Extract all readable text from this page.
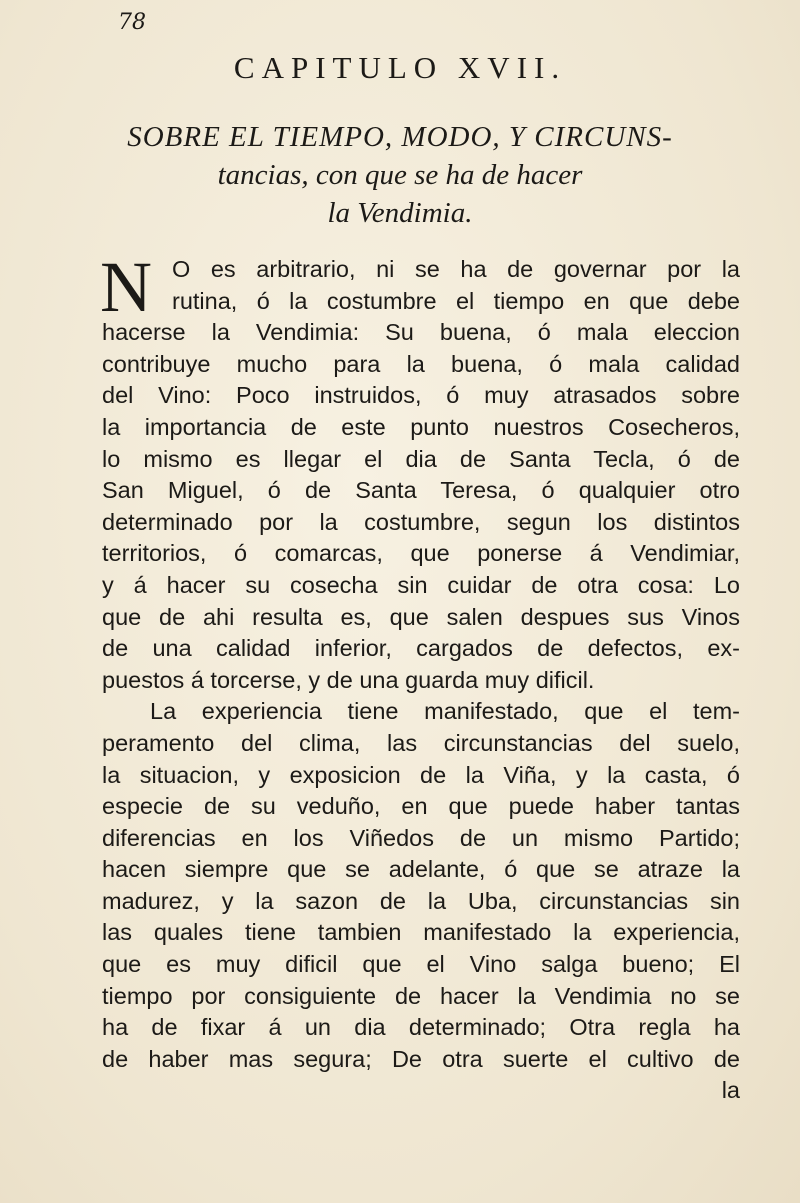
78
CAPITULO XVII.
SOBRE EL TIEMPO, MODO, Y CIRCUNS-
tancias, con que se ha de hacer
la Vendimia.
N O es arbitrario, ni se ha de governar por la
rutina, ó la costumbre el tiempo en que debe
hacerse la Vendimia: Su buena, ó mala eleccion
contribuye mucho para la buena, ó mala calidad
del Vino: Poco instruidos, ó muy atrasados sobre
la importancia de este punto nuestros Cosecheros,
lo mismo es llegar el dia de Santa Tecla, ó de
San Miguel, ó de Santa Teresa, ó qualquier otro
determinado por la costumbre, segun los distintos
territorios, ó comarcas, que ponerse á Vendimiar,
y á hacer su cosecha sin cuidar de otra cosa: Lo
que de ahi resulta es, que salen despues sus Vinos
de una calidad inferior, cargados de defectos, ex-
puestos á torcerse, y de una guarda muy dificil.
La experiencia tiene manifestado, que el tem-
peramento del clima, las circunstancias del suelo,
la situacion, y exposicion de la Viña, y la casta, ó
especie de su veduño, en que puede haber tantas
diferencias en los Viñedos de un mismo Partido;
hacen siempre que se adelante, ó que se atraze la
madurez, y la sazon de la Uba, circunstancias sin
las quales tiene tambien manifestado la experiencia,
que es muy dificil que el Vino salga bueno; El
tiempo por consiguiente de hacer la Vendimia no se
ha de fixar á un dia determinado; Otra regla ha
de haber mas segura; De otra suerte el cultivo de
la
